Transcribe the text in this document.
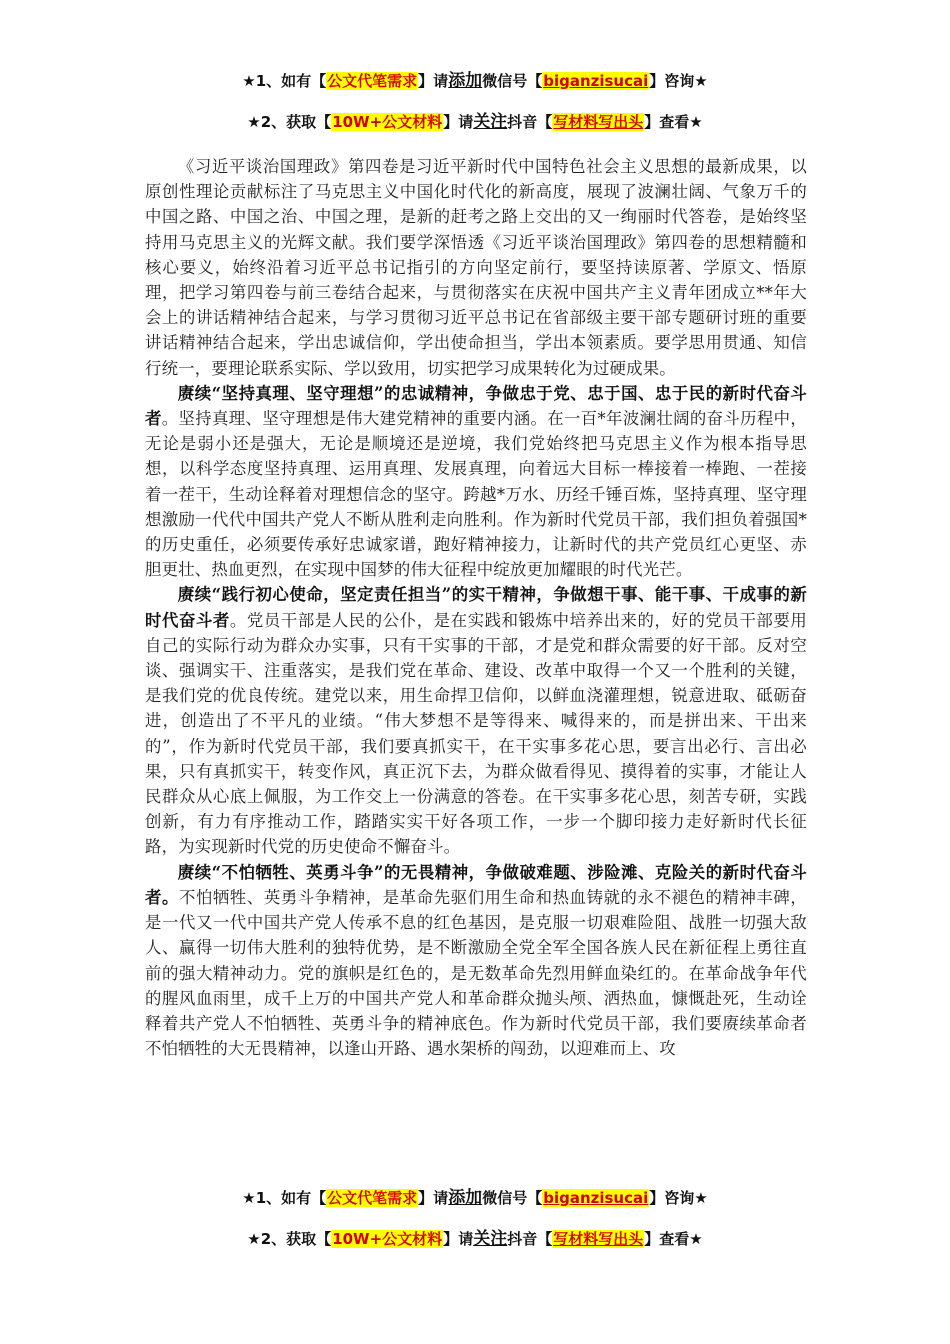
★1、如有【公文代笔需求】请添加微信号【biganzisucai】咨询★
★2、获取【10W+公文材料】请关注抖音【写材料写出头】查看★

《习近平谈治国理政》第四卷是习近平新时代中国特色社会主义思想的最新成果，以原创性理论贡献标注了马克思主义中国化时代化的新高度，展现了波澜壮阔、气象万千的中国之路、中国之治、中国之理，是新的赶考之路上交出的又一绚丽时代答卷，是始终坚持用马克思主义的光辉文献。我们要学深悟透《习近平谈治国理政》第四卷的思想精髓和核心要义，始终沿着习近平总书记指引的方向坚定前行，要坚持读原著、学原文、悟原理，把学习第四卷与前三卷结合起来，与贯彻落实在庆祝中国共产主义青年团成立**年大会上的讲话精神结合起来，与学习贯彻习近平总书记在省部级主要干部专题研讨班的重要讲话精神结合起来，学出忠诚信仰，学出使命担当，学出本领素质。要学思用贯通、知信行统一，要理论联系实际、学以致用，切实把学习成果转化为过硬成果。

赓续“坚持真理、坚守理想”的忠诚精神，争做忠于党、忠于国、忠于民的新时代奋斗者。坚持真理、坚守理想是伟大建党精神的重要内涵。在一百*年波澜壮阔的奋斗历程中，无论是弱小还是强大，无论是顺境还是逆境，我们党始终把马克思主义作为根本指导思想，以科学态度坚持真理、运用真理、发展真理，向着远大目标一棒接着一棒跑、一茬接着一茬干，生动诠释着对理想信念的坚守。跨越*万水、历经千锤百炼，坚持真理、坚守理想激励一代代中国共产党人不断从胜利走向胜利。作为新时代党员干部，我们担负着强国*的历史重任，必须要传承好忠诚家谱，跑好精神接力，让新时代的共产党员红心更坚、赤胆更壮、热血更烈，在实现中国梦的伟大征程中绽放更加耀眼的时代光芒。

赓续“践行初心使命，坚定责任担当”的实干精神，争做想干事、能干事、干成事的新时代奋斗者。党员干部是人民的公仆，是在实践和锻炼中培养出来的，好的党员干部要用自己的实际行动为群众办实事，只有干实事的干部，才是党和群众需要的好干部。反对空谈、强调实干、注重落实，是我们党在革命、建设、改革中取得一个又一个胜利的关键，是我们党的优良传统。建党以来，用生命捍卫信仰，以鲜血浇灌理想，锐意进取、砥砺奋进，创造出了不平凡的业绩。“伟大梦想不是等得来、喊得来的，而是拼出来、干出来的”，作为新时代党员干部，我们要真抓实干，在干实事多花心思，要言出必行、言出必果，只有真抓实干，转变作风，真正沉下去，为群众做看得见、摸得着的实事，才能让人民群众从心底上佩服，为工作交上一份满意的答卷。在干实事多花心思，刻苦专研，实践创新，有力有序推动工作，踏踏实实干好各项工作，一步一个脚印接力走好新时代长征路，为实现新时代党的历史使命不懈奋斗。

赓续“不怕牺牲、英勇斗争”的无畏精神，争做破难题、涉险滩、克险关的新时代奋斗者。不怕牺牲、英勇斗争精神，是革命先驱们用生命和热血铸就的永不褪色的精神丰碑，是一代又一代中国共产党人传承不息的红色基因，是克服一切艰难险阻、战胜一切强大敌人、赢得一切伟大胜利的独特优势，是不断激励全党全军全国各族人民在新征程上勇往直前的强大精神动力。党的旗帜是红色的，是无数革命先烈用鲜血染红的。在革命战争年代的腥风血雨里，成千上万的中国共产党人和革命群众抛头颅、洒热血，慷慨赴死，生动诠释着共产党人不怕牺牲、英勇斗争的精神底色。作为新时代党员干部，我们要赓续革命者不怕牺牲的大无畏精神，以逢山开路、遇水架桥的闯劲，以迎难而上、攻

★1、如有【公文代笔需求】请添加微信号【biganzisucai】咨询★
★2、获取【10W+公文材料】请关注抖音【写材料写出头】查看★
